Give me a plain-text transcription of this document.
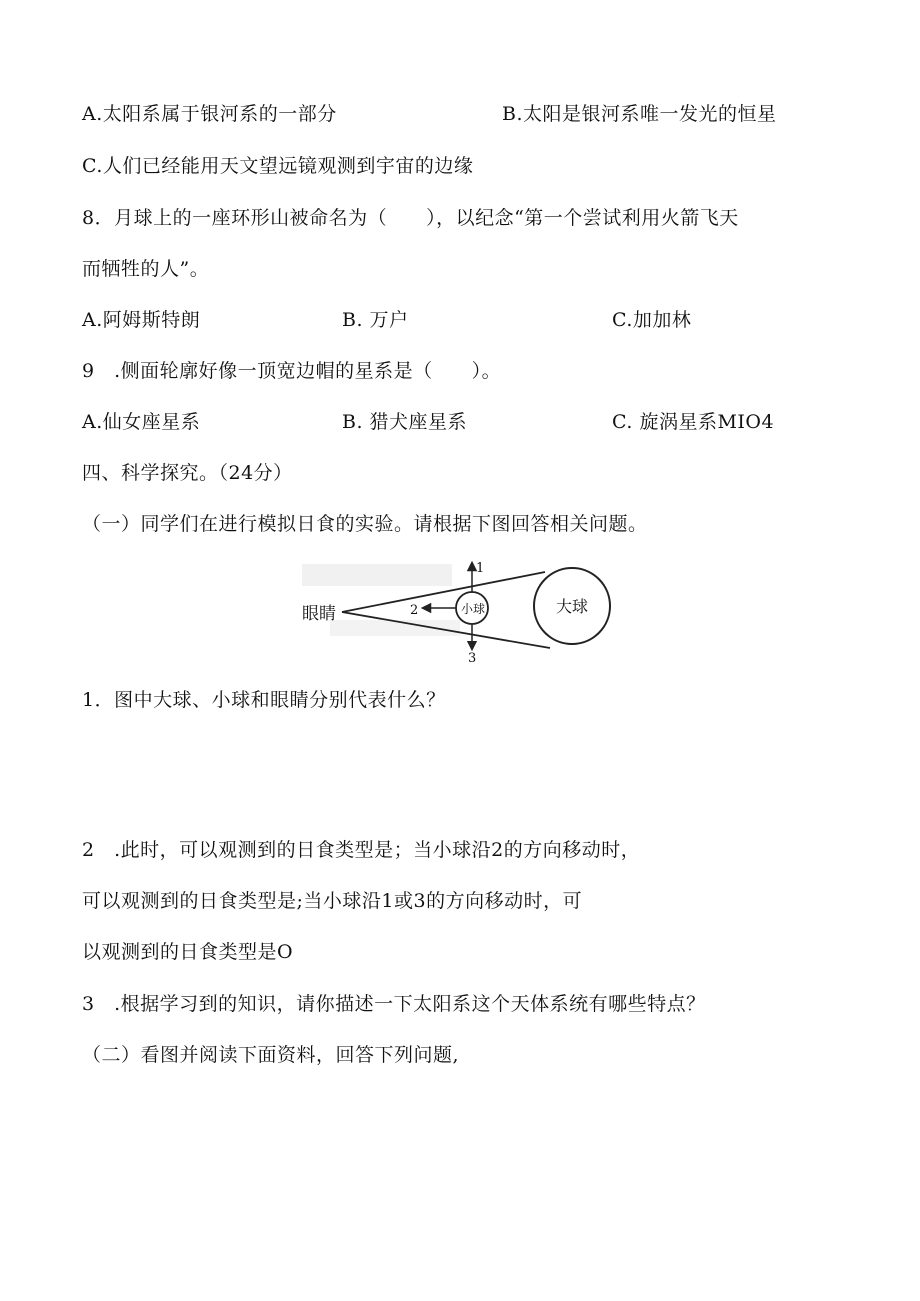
A.太阳系属于银河系的一部分	B.太阳是银河系唯一发光的恒星
C.人们已经能用天文望远镜观测到宇宙的边缘
8．月球上的一座环形山被命名为（　　），以纪念“第一个尝试利用火箭飞天
而牺牲的人”。
A.阿姆斯特朗	B. 万户	C.加加林
9　.侧面轮廓好像一顶宽边帽的星系是（　　）。
A.仙女座星系	B. 猎犬座星系	C. 旋涡星系MIO4
四、科学探究。（24分）
（一）同学们在进行模拟日食的实验。请根据下图回答相关问题。
眼睛	小球	大球
1
2
3
1．图中大球、小球和眼睛分别代表什么？
2　.此时，可以观测到的日食类型是；当小球沿2的方向移动时，
可以观测到的日食类型是;当小球沿1或3的方向移动时，可
以观测到的日食类型是O
3　.根据学习到的知识，请你描述一下太阳系这个天体系统有哪些特点？
（二）看图并阅读下面资料，回答下列问题,
